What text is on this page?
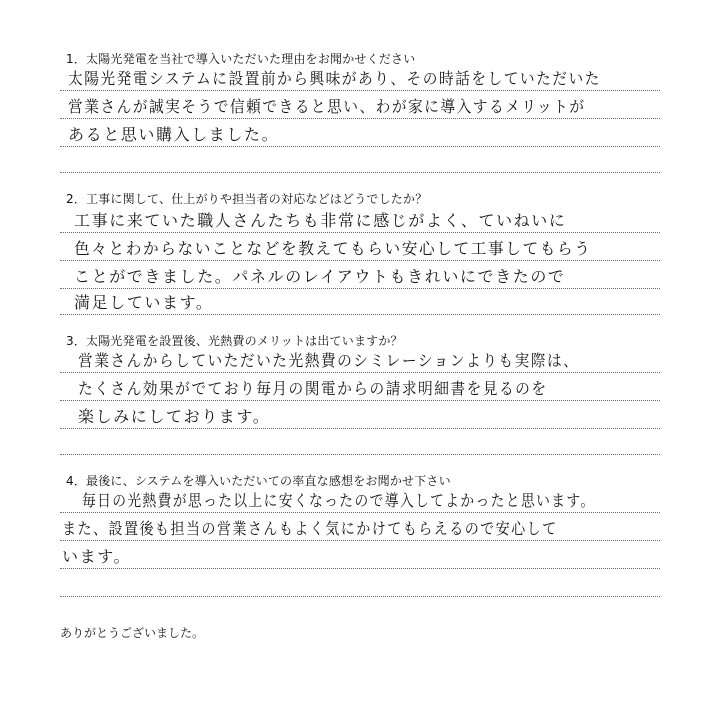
1．太陽光発電を当社で導入いただいた理由をお聞かせください
太陽光発電システムに設置前から興味があり、その時話をしていただいた
営業さんが誠実そうで信頼できると思い、わが家に導入するメリットが
あると思い購入しました。
2．工事に関して、仕上がりや担当者の対応などはどうでしたか？
工事に来ていた職人さんたちも非常に感じがよく、ていねいに
色々とわからないことなどを教えてもらい安心して工事してもらう
ことができました。パネルのレイアウトもきれいにできたので
満足しています。
3．太陽光発電を設置後、光熱費のメリットは出ていますか？
営業さんからしていただいた光熱費のシミレーションよりも実際は、
たくさん効果がでており毎月の関電からの請求明細書を見るのを
楽しみにしております。
4．最後に、システムを導入いただいての率直な感想をお聞かせ下さい
毎日の光熱費が思った以上に安くなったので導入してよかったと思います。
また、設置後も担当の営業さんもよく気にかけてもらえるので安心して
います。
ありがとうございました。
